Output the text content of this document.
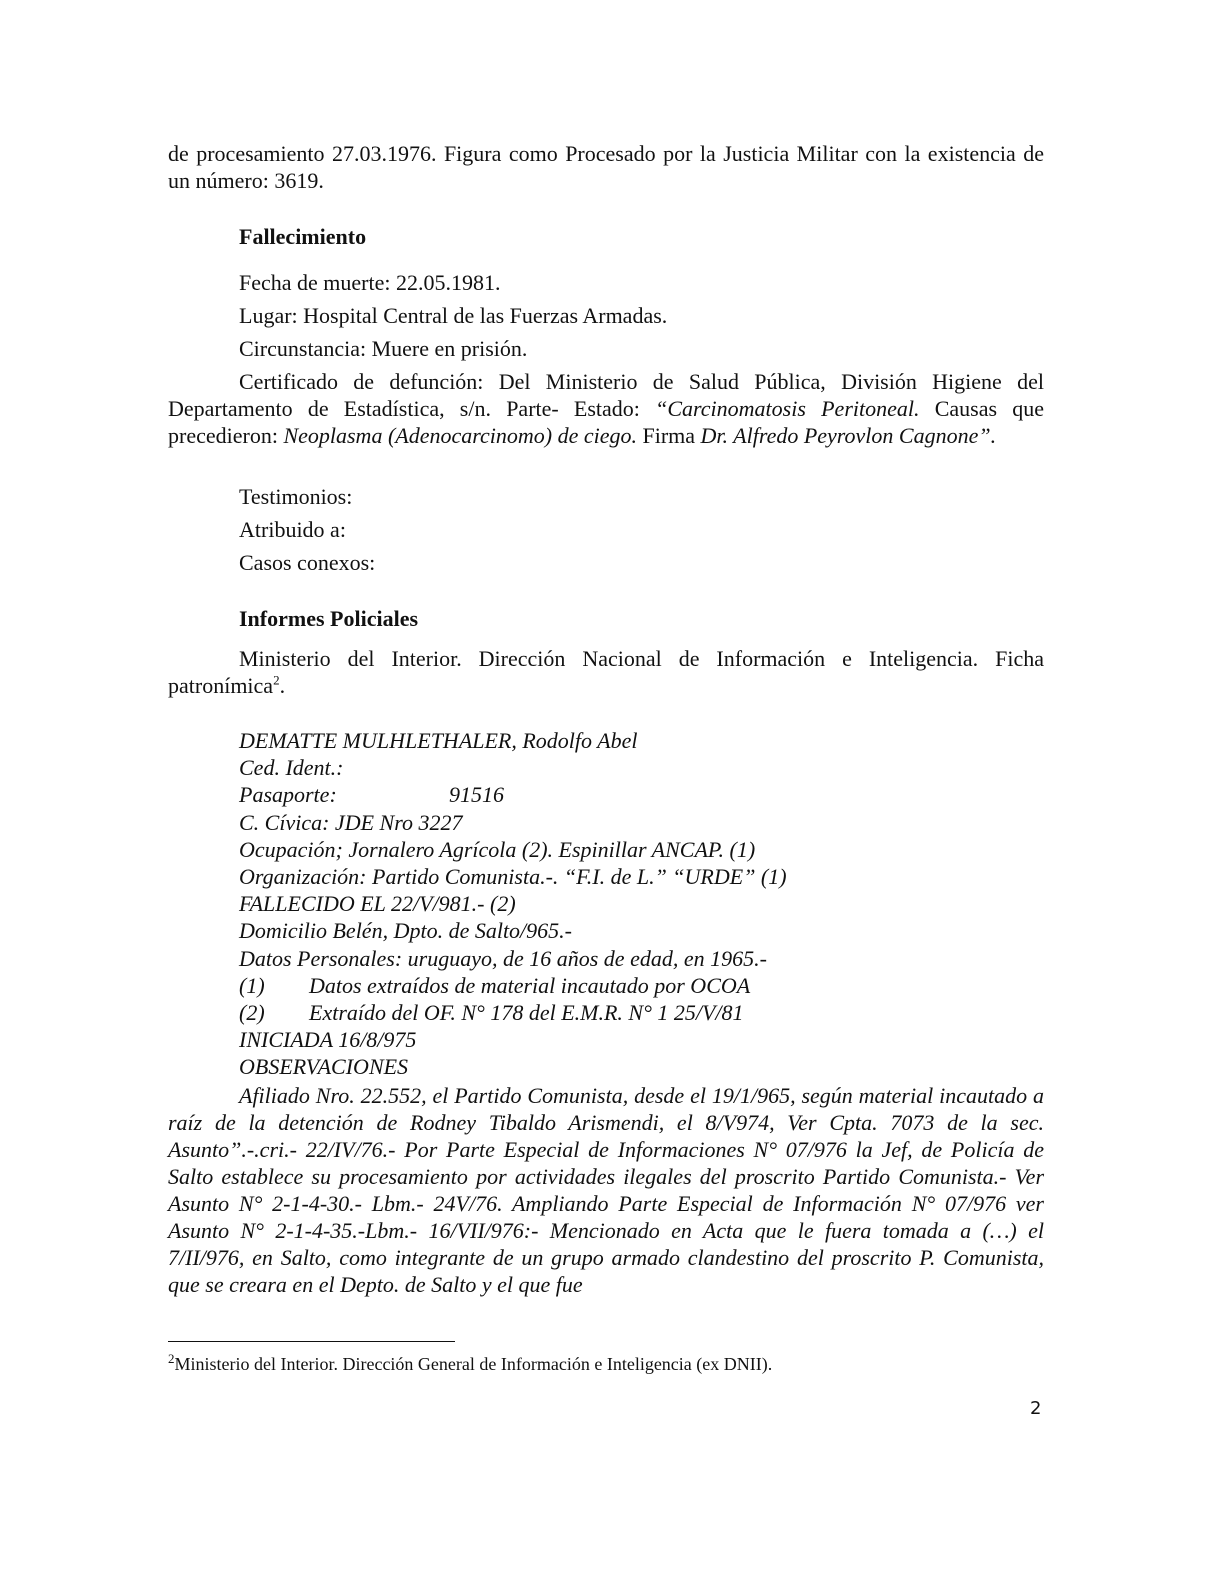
de procesamiento 27.03.1976. Figura como Procesado por la Justicia Militar con la existencia de un número: 3619.

Fallecimiento
Fecha de muerte: 22.05.1981.
Lugar: Hospital Central de las Fuerzas Armadas.
Circunstancia: Muere en prisión.

Certificado de defunción: Del Ministerio de Salud Pública, División Higiene del Departamento de Estadística, s/n. Parte- Estado: “Carcinomatosis Peritoneal. Causas que precedieron: Neoplasma (Adenocarcinomo) de ciego. Firma Dr. Alfredo Peyrovlon Cagnone”.

Testimonios:
Atribuido a:
Casos conexos:
Informes Policiales

Ministerio del Interior. Dirección Nacional de Información e Inteligencia. Ficha patronímica$^2$.

DEMATTE MULHLETHALER, Rodolfo Abel
Ced. Ident.:
Pasaporte:	91516
C. Cívica: JDE Nro 3227
Ocupación; Jornalero Agrícola (2). Espinillar ANCAP. (1)
Organización: Partido Comunista.-. “F.I. de L.” “URDE” (1)
FALLECIDO EL 22/V/981.- (2)
Domicilio Belén, Dpto. de Salto/965.-
Datos Personales: uruguayo, de 16 años de edad, en 1965.-
(1) Datos extraídos de material incautado por OCOA
(2) Extraído del OF. N° 178 del E.M.R. N° 1 25/V/81
INICIADA 16/8/975
OBSERVACIONES

Afiliado Nro. 22.552, el Partido Comunista, desde el 19/1/965, según material incautado a raíz de la detención de Rodney Tibaldo Arismendi, el 8/V974, Ver Cpta. 7073 de la sec. Asunto”.-.cri.- 22/IV/76.- Por Parte Especial de Informaciones N° 07/976 la Jef, de Policía de Salto establece su procesamiento por actividades ilegales del proscrito Partido Comunista.- Ver Asunto N° 2-1-4-30.- Lbm.- 24V/76. Ampliando Parte Especial de Información N° 07/976 ver Asunto N° 2-1-4-35.-Lbm.- 16/VII/976:- Mencionado en Acta que le fuera tomada a (…) el 7/II/976, en Salto, como integrante de un grupo armado clandestino del proscrito P. Comunista, que se creara en el Depto. de Salto y el que fue

$^2$Ministerio del Interior. Dirección General de Información e Inteligencia (ex DNII).
2
